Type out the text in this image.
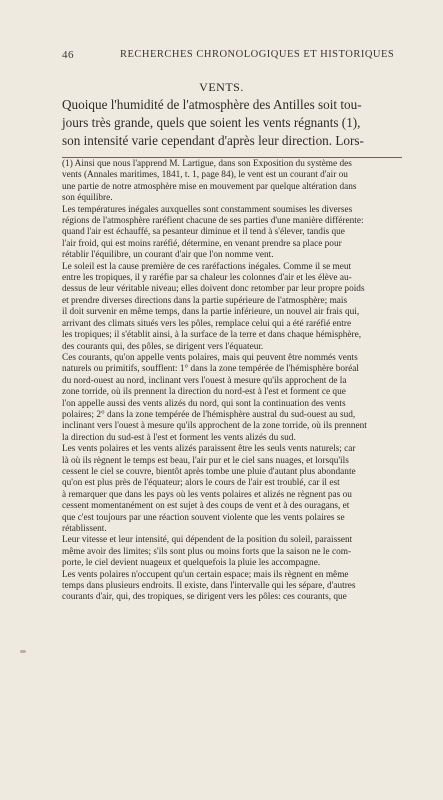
46	RECHERCHES CHRONOLOGIQUES ET HISTORIQUES
VENTS.
Quoique l'humidité de l'atmosphère des Antilles soit tou-
jours très grande, quels que soient les vents régnants (1),
son intensité varie cependant d'après leur direction. Lors-
(1) Ainsi que nous l'apprend M. Lartigue, dans son Exposition du système des
vents (Annales maritimes, 1841, t. 1, page 84), le vent est un courant d'air ou
une partie de notre atmosphère mise en mouvement par quelque altération dans
son équilibre.
Les températures inégales auxquelles sont constamment soumises les diverses
régions de l'atmosphère raréfient chacune de ses parties d'une manière différente:
quand l'air est échauffé, sa pesanteur diminue et il tend à s'élever, tandis que
l'air froid, qui est moins raréfié, détermine, en venant prendre sa place pour
rétablir l'équilibre, un courant d'air que l'on nomme vent.
Le soleil est la cause première de ces raréfactions inégales. Comme il se meut
entre les tropiques, il y raréfie par sa chaleur les colonnes d'air et les élève au-
dessus de leur véritable niveau; elles doivent donc retomber par leur propre poids
et prendre diverses directions dans la partie supérieure de l'atmosphère; mais
il doit survenir en même temps, dans la partie inférieure, un nouvel air frais qui,
arrivant des climats situés vers les pôles, remplace celui qui a été raréfié entre
les tropiques; il s'établit ainsi, à la surface de la terre et dans chaque hémisphère,
des courants qui, des pôles, se dirigent vers l'équateur.
Ces courants, qu'on appelle vents polaires, mais qui peuvent être nommés vents
naturels ou primitifs, soufflent: 1° dans la zone tempérée de l'hémisphère boréal
du nord-ouest au nord, inclinant vers l'ouest à mesure qu'ils approchent de la
zone torride, où ils prennent la direction du nord-est à l'est et forment ce que
l'on appelle aussi des vents alizés du nord, qui sont la continuation des vents
polaires; 2° dans la zone tempérée de l'hémisphère austral du sud-ouest au sud,
inclinant vers l'ouest à mesure qu'ils approchent de la zone torride, où ils prennent
la direction du sud-est à l'est et forment les vents alizés du sud.
Les vents polaires et les vents alizés paraissent être les seuls vents naturels; car
là où ils règnent le temps est beau, l'air pur et le ciel sans nuages, et lorsqu'ils
cessent le ciel se couvre, bientôt après tombe une pluie d'autant plus abondante
qu'on est plus près de l'équateur; alors le cours de l'air est troublé, car il est
à remarquer que dans les pays où les vents polaires et alizés ne règnent pas ou
cessent momentanément on est sujet à des coups de vent et à des ouragans, et
que c'est toujours par une réaction souvent violente que les vents polaires se
rétablissent.
Leur vitesse et leur intensité, qui dépendent de la position du soleil, paraissent
même avoir des limites; s'ils sont plus ou moins forts que la saison ne le com-
porte, le ciel devient nuageux et quelquefois la pluie les accompagne.
Les vents polaires n'occupent qu'un certain espace; mais ils règnent en même
temps dans plusieurs endroits. Il existe, dans l'intervalle qui les sépare, d'autres
courants d'air, qui, des tropiques, se dirigent vers les pôles: ces courants, que
